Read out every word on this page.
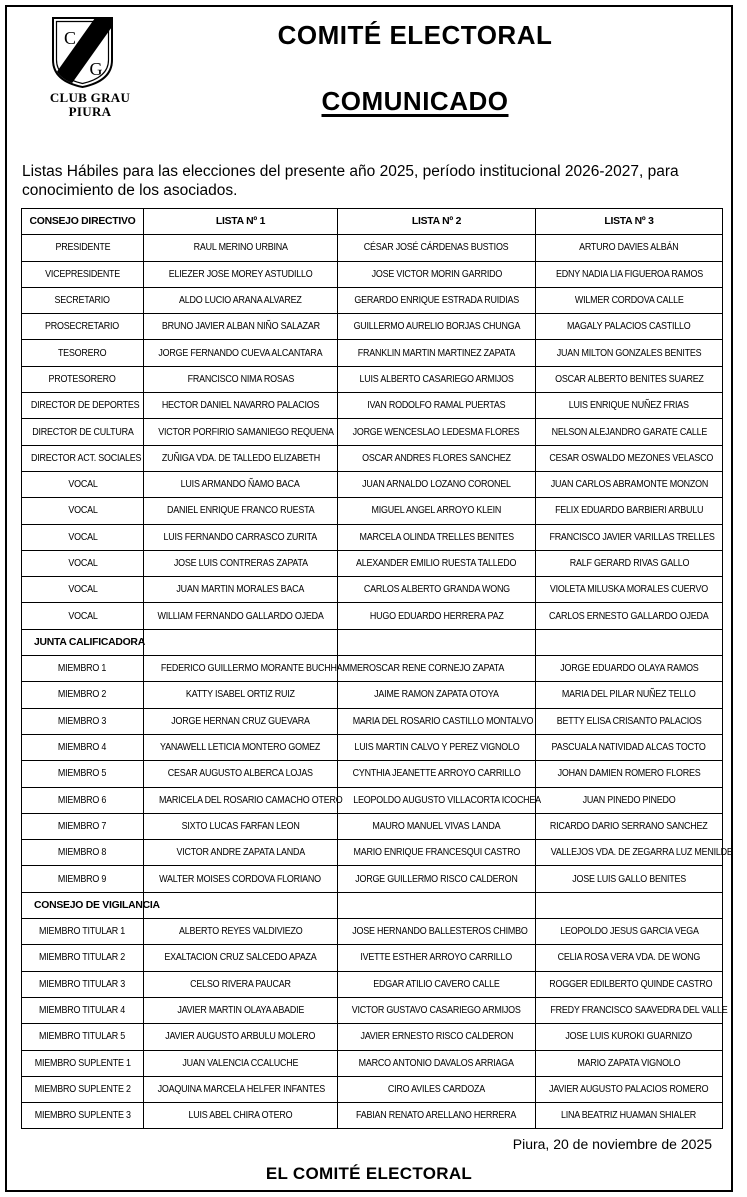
C
G
CLUB GRAU
PIURA
COMITÉ ELECTORAL
COMUNICADO

Listas Hábiles para las elecciones del presente año 2025, período institucional 2026-2027, para conocimiento de los asociados.

CONSEJO DIRECTIVO	LISTA Nº 1	LISTA Nº 2	LISTA Nº 3
PRESIDENTE	RAUL MERINO URBINA	CÉSAR JOSÉ CÁRDENAS BUSTIOS	ARTURO DAVIES ALBÁN
VICEPRESIDENTE	ELIEZER JOSE MOREY ASTUDILLO	JOSE VICTOR MORIN GARRIDO	EDNY NADIA LIA FIGUEROA RAMOS
SECRETARIO	ALDO LUCIO ARANA ALVAREZ	GERARDO ENRIQUE ESTRADA RUIDIAS	WILMER CORDOVA CALLE
PROSECRETARIO	BRUNO JAVIER ALBAN NIÑO SALAZAR	GUILLERMO AURELIO BORJAS CHUNGA	MAGALY PALACIOS CASTILLO
TESORERO	JORGE FERNANDO CUEVA ALCANTARA	FRANKLIN MARTIN MARTINEZ ZAPATA	JUAN MILTON GONZALES BENITES
PROTESORERO	FRANCISCO NIMA ROSAS	LUIS ALBERTO CASARIEGO ARMIJOS	OSCAR ALBERTO BENITES SUAREZ
DIRECTOR DE DEPORTES	HECTOR DANIEL NAVARRO PALACIOS	IVAN RODOLFO RAMAL PUERTAS	LUIS ENRIQUE NUÑEZ FRIAS
DIRECTOR DE CULTURA	VICTOR PORFIRIO SAMANIEGO REQUENA	JORGE WENCESLAO LEDESMA FLORES	NELSON ALEJANDRO GARATE CALLE
DIRECTOR ACT. SOCIALES	ZUÑIGA VDA. DE TALLEDO ELIZABETH	OSCAR ANDRES FLORES SANCHEZ	CESAR OSWALDO MEZONES VELASCO
VOCAL	LUIS ARMANDO ÑAMO BACA	JUAN ARNALDO LOZANO CORONEL	JUAN CARLOS ABRAMONTE MONZON
VOCAL	DANIEL ENRIQUE FRANCO RUESTA	MIGUEL ANGEL ARROYO KLEIN	FELIX EDUARDO BARBIERI ARBULU
VOCAL	LUIS FERNANDO CARRASCO ZURITA	MARCELA OLINDA TRELLES BENITES	FRANCISCO JAVIER VARILLAS TRELLES
VOCAL	JOSE LUIS CONTRERAS ZAPATA	ALEXANDER EMILIO RUESTA TALLEDO	RALF GERARD RIVAS GALLO
VOCAL	JUAN MARTIN MORALES BACA	CARLOS ALBERTO GRANDA WONG	VIOLETA MILUSKA MORALES CUERVO
VOCAL	WILLIAM FERNANDO GALLARDO OJEDA	HUGO EDUARDO HERRERA PAZ	CARLOS ERNESTO GALLARDO OJEDA
JUNTA CALIFICADORA			
MIEMBRO 1	FEDERICO GUILLERMO MORANTE BUCHHAMMER	OSCAR RENE CORNEJO ZAPATA	JORGE EDUARDO OLAYA RAMOS
MIEMBRO 2	KATTY ISABEL ORTIZ RUIZ	JAIME RAMON ZAPATA OTOYA	MARIA DEL PILAR NUÑEZ TELLO
MIEMBRO 3	JORGE HERNAN CRUZ GUEVARA	MARIA DEL ROSARIO CASTILLO MONTALVO	BETTY ELISA CRISANTO PALACIOS
MIEMBRO 4	YANAWELL LETICIA MONTERO GOMEZ	LUIS MARTIN CALVO Y PEREZ VIGNOLO	PASCUALA NATIVIDAD ALCAS TOCTO
MIEMBRO 5	CESAR AUGUSTO ALBERCA LOJAS	CYNTHIA JEANETTE ARROYO CARRILLO	JOHAN DAMIEN ROMERO FLORES
MIEMBRO 6	MARICELA DEL ROSARIO CAMACHO OTERO	LEOPOLDO AUGUSTO VILLACORTA ICOCHEA	JUAN PINEDO PINEDO
MIEMBRO 7	SIXTO LUCAS FARFAN LEON	MAURO MANUEL VIVAS LANDA	RICARDO DARIO SERRANO SANCHEZ
MIEMBRO 8	VICTOR ANDRE ZAPATA LANDA	MARIO ENRIQUE FRANCESQUI CASTRO	VALLEJOS VDA. DE ZEGARRA LUZ MENILDE
MIEMBRO 9	WALTER MOISES CORDOVA FLORIANO	JORGE GUILLERMO RISCO CALDERON	JOSE LUIS GALLO BENITES
CONSEJO DE VIGILANCIA			
MIEMBRO TITULAR 1	ALBERTO REYES VALDIVIEZO	JOSE HERNANDO BALLESTEROS CHIMBO	LEOPOLDO JESUS GARCIA VEGA
MIEMBRO TITULAR 2	EXALTACION CRUZ SALCEDO APAZA	IVETTE ESTHER ARROYO CARRILLO	CELIA ROSA VERA VDA. DE WONG
MIEMBRO TITULAR 3	CELSO RIVERA PAUCAR	EDGAR ATILIO CAVERO CALLE	ROGGER EDILBERTO QUINDE CASTRO
MIEMBRO TITULAR 4	JAVIER MARTIN OLAYA ABADIE	VICTOR GUSTAVO CASARIEGO ARMIJOS	FREDY FRANCISCO SAAVEDRA DEL VALLE
MIEMBRO TITULAR 5	JAVIER AUGUSTO ARBULU MOLERO	JAVIER ERNESTO RISCO CALDERON	JOSE LUIS KUROKI GUARNIZO
MIEMBRO SUPLENTE 1	JUAN VALENCIA CCALUCHE	MARCO ANTONIO DAVALOS ARRIAGA	MARIO ZAPATA VIGNOLO
MIEMBRO SUPLENTE 2	JOAQUINA MARCELA HELFER INFANTES	CIRO AVILES CARDOZA	JAVIER AUGUSTO PALACIOS ROMERO
MIEMBRO SUPLENTE 3	LUIS ABEL CHIRA OTERO	FABIAN RENATO ARELLANO HERRERA	LINA BEATRIZ HUAMAN SHIALER
Piura, 20 de noviembre de 2025
EL COMITÉ ELECTORAL
